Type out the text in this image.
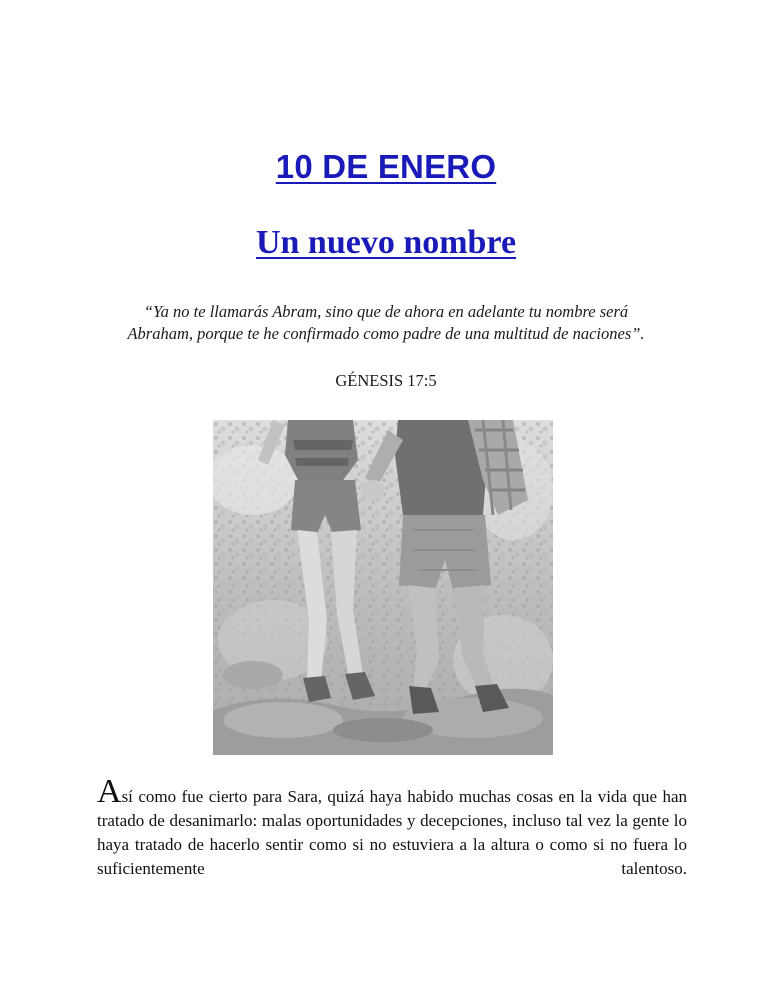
10 DE ENERO
Un nuevo nombre

“Ya no te llamarás Abram, sino que de ahora en adelante tu nombre será Abraham, porque te he confirmado como padre de una multitud de naciones”.

GÉNESIS 17:5

Así como fue cierto para Sara, quizá haya habido muchas cosas en la vida que han tratado de desanimarlo: malas oportunidades y decepciones, incluso tal vez la gente lo haya tratado de hacerlo sentir como si no estuviera a la altura o como si no fuera lo suficientemente talentoso.
